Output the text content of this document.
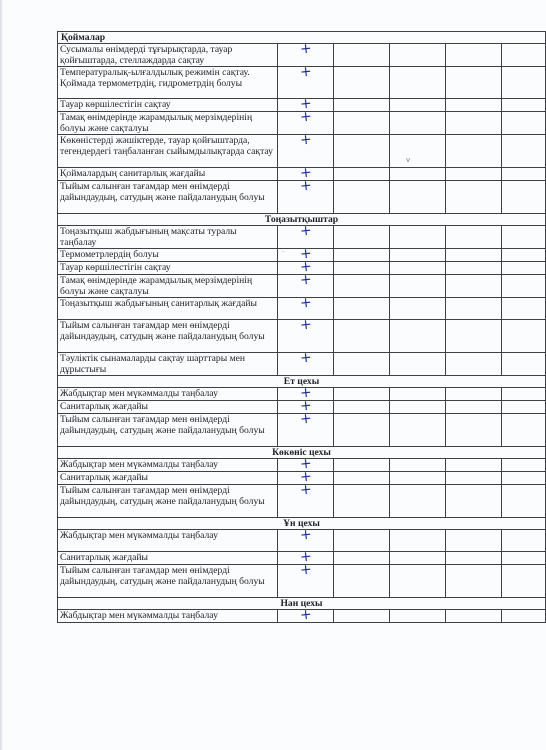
Қоймалар					
Сусымалы өнімдерді тұғырықтарда, тауар қойғыштарда, стеллаждарда сақтау	+				
Температуралық-ылғалдылық режимін сақтау. Қоймада термометрдің, гидрометрдің болуы	+				
Тауар көршілестігін сақтау	+				
Тамақ өнімдерінде жарамдылық мерзімдерінің болуы және сақталуы	+				
Көкөністерді жәшіктерде, тауар қойғыштарда, тегендердегі таңбаланған сыйымдылықтарда сақтау	+				
Қоймалардың санитарлық жағдайы	+				
Тыйым салынған тағамдар мен өнімдерді дайындаудың, сатудың және пайдаланудың болуы	+				
Тоңазытқыштар					
Тоңазытқыш жабдығының мақсаты туралы таңбалау	+				
Термометрлердің болуы	+				
Тауар көршілестігін сақтау	+				
Тамақ өнімдерінде жарамдылық мерзімдерінің болуы және сақталуы	+				
Тоңазытқыш жабдығының санитарлық жағдайы	+				
Тыйым салынған тағамдар мен өнімдерді дайындаудың, сатудың және пайдаланудың болуы	+				
Тәуліктік сынамаларды сақтау шарттары мен дұрыстығы	+				
Ет цехы					
Жабдықтар мен мүкәммалды таңбалау	+				
Санитарлық жағдайы	+				
Тыйым салынған тағамдар мен өнімдерді дайындаудың, сатудың және пайдаланудың болуы	+				
Көкөніс цехы					
Жабдықтар мен мүкәммалды таңбалау	+				
Санитарлық жағдайы	+				
Тыйым салынған тағамдар мен өнімдерді дайындаудың, сатудың және пайдаланудың болуы	+				
Ұн цехы					
Жабдықтар мен мүкәммалды таңбалау	+				
Санитарлық жағдайы	+				
Тыйым салынған тағамдар мен өнімдерді дайындаудың, сатудың және пайдаланудың болуы	+				
Нан цехы					
Жабдықтар мен мүкәммалды таңбалау	+				
v
·
